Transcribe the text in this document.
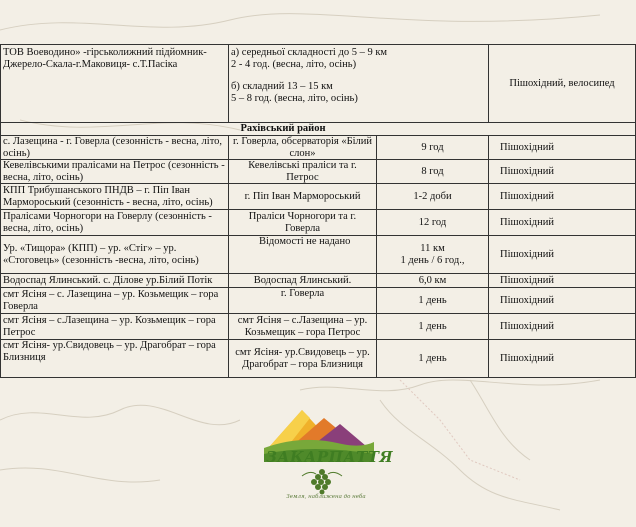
ТОВ Воеводино» -гірськолижний підйомник-Джерело-Скала-г.Маковиця- с.Т.Пасіка	а) середньої складності до 5 – 9 км
2 - 4 год. (весна, літо, осінь)
б) складний 13 – 15 км
5 – 8 год. (весна, літо, осінь)		Пішохідний, велосипед
Рахівський район			
с. Лазещина - г. Говерла (сезонність - весна, літо, осінь)	г. Говерла, обсерваторія «Білий слон»	9 год	Пішохідний
Кевелівськими пралісами на Петрос (сезонність - весна, літо, осінь)	Кевелівські праліси та г. Петрос	8 год	Пішохідний
КПП Трибушанського ПНДВ – г. Піп Іван Мармороський (сезонність - весна, літо, осінь)	г. Піп Іван Мармороський	1-2 доби	Пішохідний
Пралісами Чорногори на Говерлу (сезонність - весна, літо, осінь)	Праліси Чорногори та г. Говерла	12 год	Пішохідний
Ур. «Тищора» (КПП) – ур. «Стіг» – ур. «Стоговець» (сезонність -весна, літо, осінь)	Відомості не надано	11 км
1 день / 6 год.,	Пішохідний
Водоспад Ялинський. с. Ділове ур.Білий Потік	Водоспад Ялинський.	6,0 км	Пішохідний
смт Ясіня – с. Лазещина – ур. Козьмещик – гора Говерла	г. Говерла	1 день	Пішохідний
смт Ясіня – с.Лазещина – ур. Козьмещик – гора Петрос	смт Ясіня – с.Лазещина – ур. Козьмещик – гора Петрос	1 день	Пішохідний
смт Ясіня- ур.Свидовець – ур. Драгобрат – гора Близниця	смт Ясіня- ур.Свидовець – ур. Драгобрат – гора Близниця	1 день	Пішохідний
ЗАКАРПАТТЯ
Земля, наближена до неба
